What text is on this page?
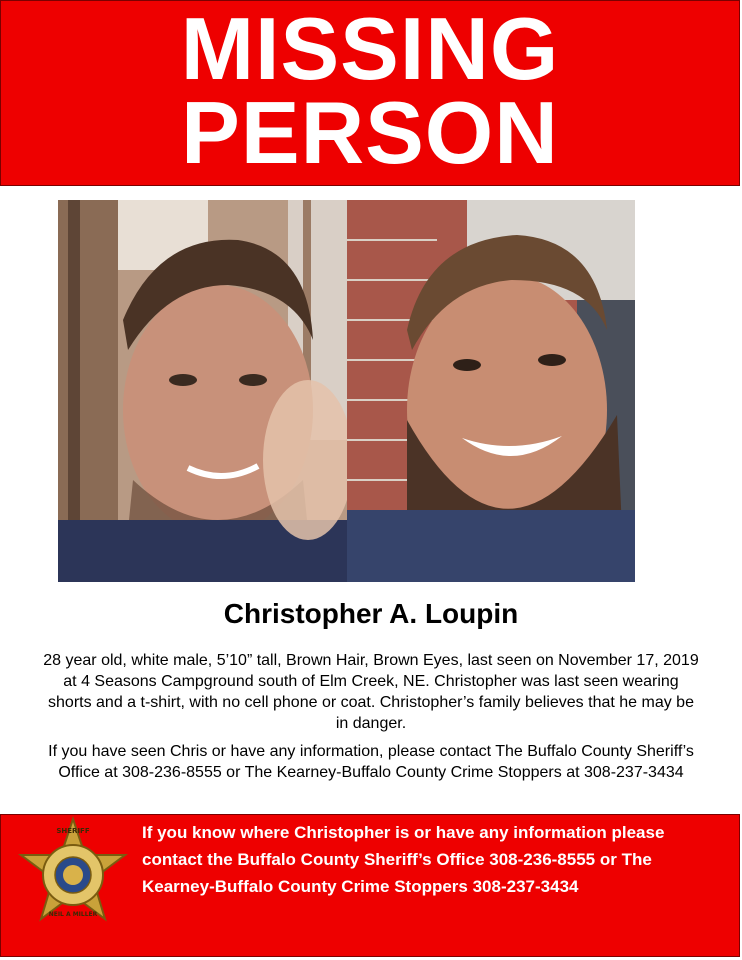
MISSING
PERSON
Christopher A. Loupin
28 year old, white male, 5’10” tall, Brown Hair, Brown Eyes, last seen on November 17, 2019 at 4 Seasons Campground south of Elm Creek, NE. Christopher was last seen wearing shorts and a t-shirt, with no cell phone or coat. Christopher’s family believes that he may be in danger.
If you have seen Chris or have any information, please contact The Buffalo County Sheriff’s Office at 308-236-8555 or The Kearney-Buffalo County Crime Stoppers at 308-237-3434
SHERIFF
NEIL A MILLER
If you know where Christopher is or have any information please contact the Buffalo County Sheriff’s Office 308-236-8555 or The Kearney-Buffalo County Crime Stoppers 308-237-3434
